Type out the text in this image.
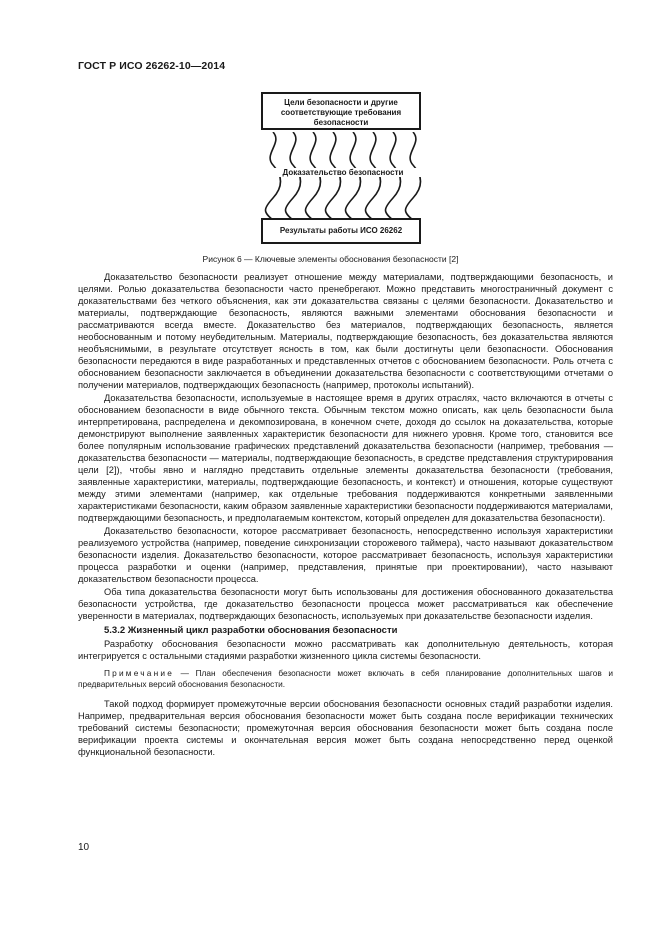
ГОСТ Р ИСО 26262-10—2014
Цели безопасности и другие соответствующие требования безопасности
Доказательство безопасности
Результаты работы ИСО 26262
Рисунок 6 — Ключевые элементы обоснования безопасности [2]

Доказательство безопасности реализует отношение между материалами, подтверждающими безопасность, и целями. Ролью доказательства безопасности часто пренебрегают. Можно представить многостраничный документ с доказательствами без четкого объяснения, как эти доказательства связаны с целями безопасности. Доказательство и материалы, подтверждающие безопасность, являются важными элементами обоснования безопасности и рассматриваются всегда вместе. Доказательство без материалов, подтверждающих безопасность, является необоснованным и потому неубедительным. Материалы, подтверждающие безопасность, без доказательства являются необъяснимыми, в результате отсутствует ясность в том, как были достигнуты цели безопасности. Обоснования безопасности передаются в виде разработанных и представленных отчетов с обоснованием безопасности. Роль отчета с обоснованием безопасности заключается в объединении доказательства безопасности с соответствующими отчетами о получении материалов, подтверждающих безопасность (например, протоколы испытаний).

Доказательства безопасности, используемые в настоящее время в других отраслях, часто включаются в отчеты с обоснованием безопасности в виде обычного текста. Обычным текстом можно описать, как цель безопасности была интерпретирована, распределена и декомпозирована, в конечном счете, доходя до ссылок на доказательства, которые демонстрируют выполнение заявленных характеристик безопасности для нижнего уровня. Кроме того, становится все более популярным использование графических представлений доказательства безопасности (например, требования — доказательства безопасности — материалы, подтверждающие безопасность, в средстве представления структурирования цели [2]), чтобы явно и наглядно представить отдельные элементы доказательства безопасности (требования, заявленные характеристики, материалы, подтверждающие безопасность, и контекст) и отношения, которые существуют между этими элементами (например, как отдельные требования поддерживаются конкретными заявленными характеристиками безопасности, каким образом заявленные характеристики безопасности поддерживаются материалами, подтверждающими безопасность, и предполагаемым контекстом, который определен для доказательства безопасности).

Доказательство безопасности, которое рассматривает безопасность, непосредственно используя характеристики реализуемого устройства (например, поведение синхронизации сторожевого таймера), часто называют доказательством безопасности изделия. Доказательство безопасности, которое рассматривает безопасность, используя характеристики процесса разработки и оценки (например, представления, принятые при проектировании), часто называют доказательством безопасности процесса.

Оба типа доказательства безопасности могут быть использованы для достижения обоснованного доказательства безопасности устройства, где доказательство безопасности процесса может рассматриваться как обеспечение уверенности в материалах, подтверждающих безопасность, используемых при доказательстве безопасности изделия.

5.3.2 Жизненный цикл разработки обоснования безопасности

Разработку обоснования безопасности можно рассматривать как дополнительную деятельность, которая интегрируется с остальными стадиями разработки жизненного цикла системы безопасности.

Примечание — План обеспечения безопасности может включать в себя планирование дополнительных шагов и предварительных версий обоснования безопасности.

Такой подход формирует промежуточные версии обоснования безопасности основных стадий разработки изделия. Например, предварительная версия обоснования безопасности может быть создана после верификации технических требований системы безопасности; промежуточная версия обоснования безопасности может быть создана после верификации проекта системы и окончательная версия может быть создана непосредственно перед оценкой функциональной безопасности.

10
